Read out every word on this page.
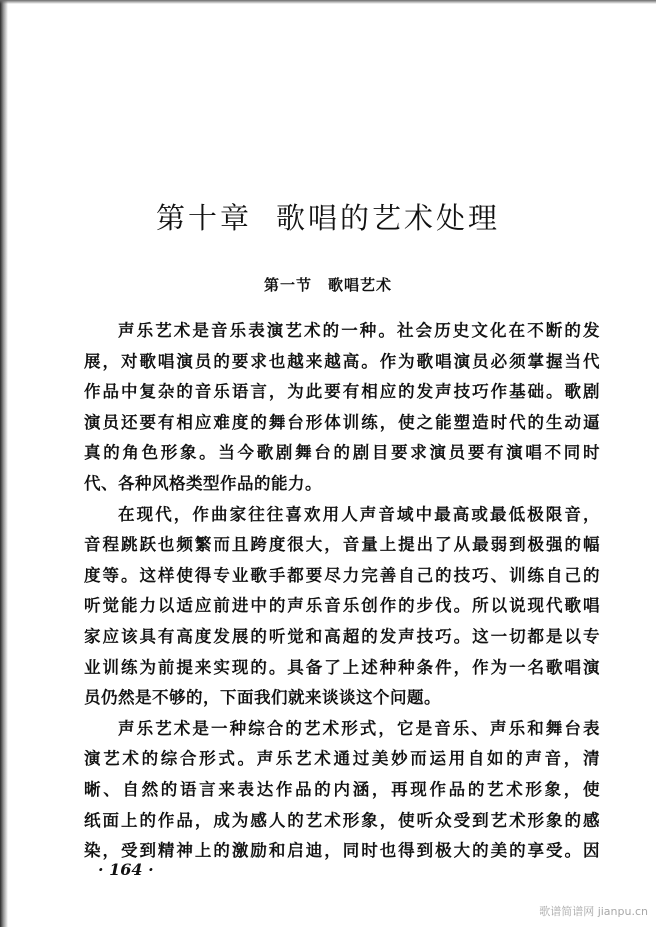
第十章 歌唱的艺术处理
第一节 歌唱艺术
声乐艺术是音乐表演艺术的一种。社会历史文化在不断的发
展，对歌唱演员的要求也越来越高。作为歌唱演员必须掌握当代
作品中复杂的音乐语言，为此要有相应的发声技巧作基础。歌剧
演员还要有相应难度的舞台形体训练，使之能塑造时代的生动逼
真的角色形象。当今歌剧舞台的剧目要求演员要有演唱不同时
代、各种风格类型作品的能力。
在现代，作曲家往往喜欢用人声音域中最高或最低极限音，
音程跳跃也频繁而且跨度很大，音量上提出了从最弱到极强的幅
度等。这样使得专业歌手都要尽力完善自己的技巧、训练自己的
听觉能力以适应前进中的声乐音乐创作的步伐。所以说现代歌唱
家应该具有高度发展的听觉和高超的发声技巧。这一切都是以专
业训练为前提来实现的。具备了上述种种条件，作为一名歌唱演
员仍然是不够的，下面我们就来谈谈这个问题。
声乐艺术是一种综合的艺术形式，它是音乐、声乐和舞台表
演艺术的综合形式。声乐艺术通过美妙而运用自如的声音，清
晰、自然的语言来表达作品的内涵，再现作品的艺术形象，使
纸面上的作品，成为感人的艺术形象，使听众受到艺术形象的感
染，受到精神上的激励和启迪，同时也得到极大的美的享受。因
· 164 ·
歌谱简谱网 jianpu.cn
